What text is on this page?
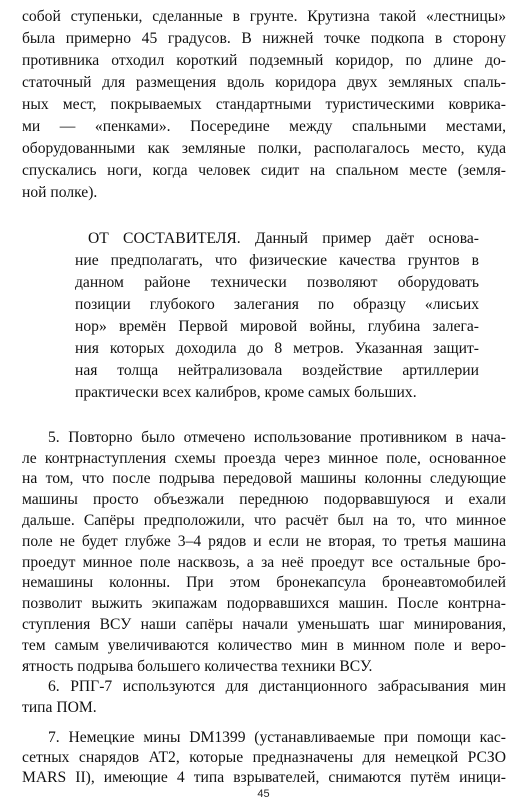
собой ступеньки, сделанные в грунте. Крутизна такой «лестницы»
была примерно 45 градусов. В нижней точке подкопа в сторону
противника отходил короткий подземный коридор, по длине до-
статочный для размещения вдоль коридора двух земляных спаль-
ных мест, покрываемых стандартными туристическими коврика-
ми — «пенками». Посередине между спальными местами,
оборудованными как земляные полки, располагалось место, куда
спускались ноги, когда человек сидит на спальном месте (земля-
ной полке).
ОТ СОСТАВИТЕЛЯ. Данный пример даёт основа-
ние предполагать, что физические качества грунтов в
данном районе технически позволяют оборудовать
позиции глубокого залегания по образцу «лисьих
нор» времён Первой мировой войны, глубина залега-
ния которых доходила до 8 метров. Указанная защит-
ная толща нейтрализовала воздействие артиллерии
практически всех калибров, кроме самых больших.
5. Повторно было отмечено использование противником в нача-
ле контрнаступления схемы проезда через минное поле, основанное
на том, что после подрыва передовой машины колонны следующие
машины просто объезжали переднюю подорвавшуюся и ехали
дальше. Сапёры предположили, что расчёт был на то, что минное
поле не будет глубже 3–4 рядов и если не вторая, то третья машина
проедут минное поле насквозь, а за неё проедут все остальные бро-
немашины колонны. При этом бронекапсула бронеавтомобилей
позволит выжить экипажам подорвавшихся машин. После контрна-
ступления ВСУ наши сапёры начали уменьшать шаг минирования,
тем самым увеличиваются количество мин в минном поле и веро-
ятность подрыва большего количества техники ВСУ.
6. РПГ-7 используются для дистанционного забрасывания мин
типа ПОМ.
7. Немецкие мины DM1399 (устанавливаемые при помощи кас-
сетных снарядов АТ2, которые предназначены для немецкой РСЗО
MARS II), имеющие 4 типа взрывателей, снимаются путём иници-
45
